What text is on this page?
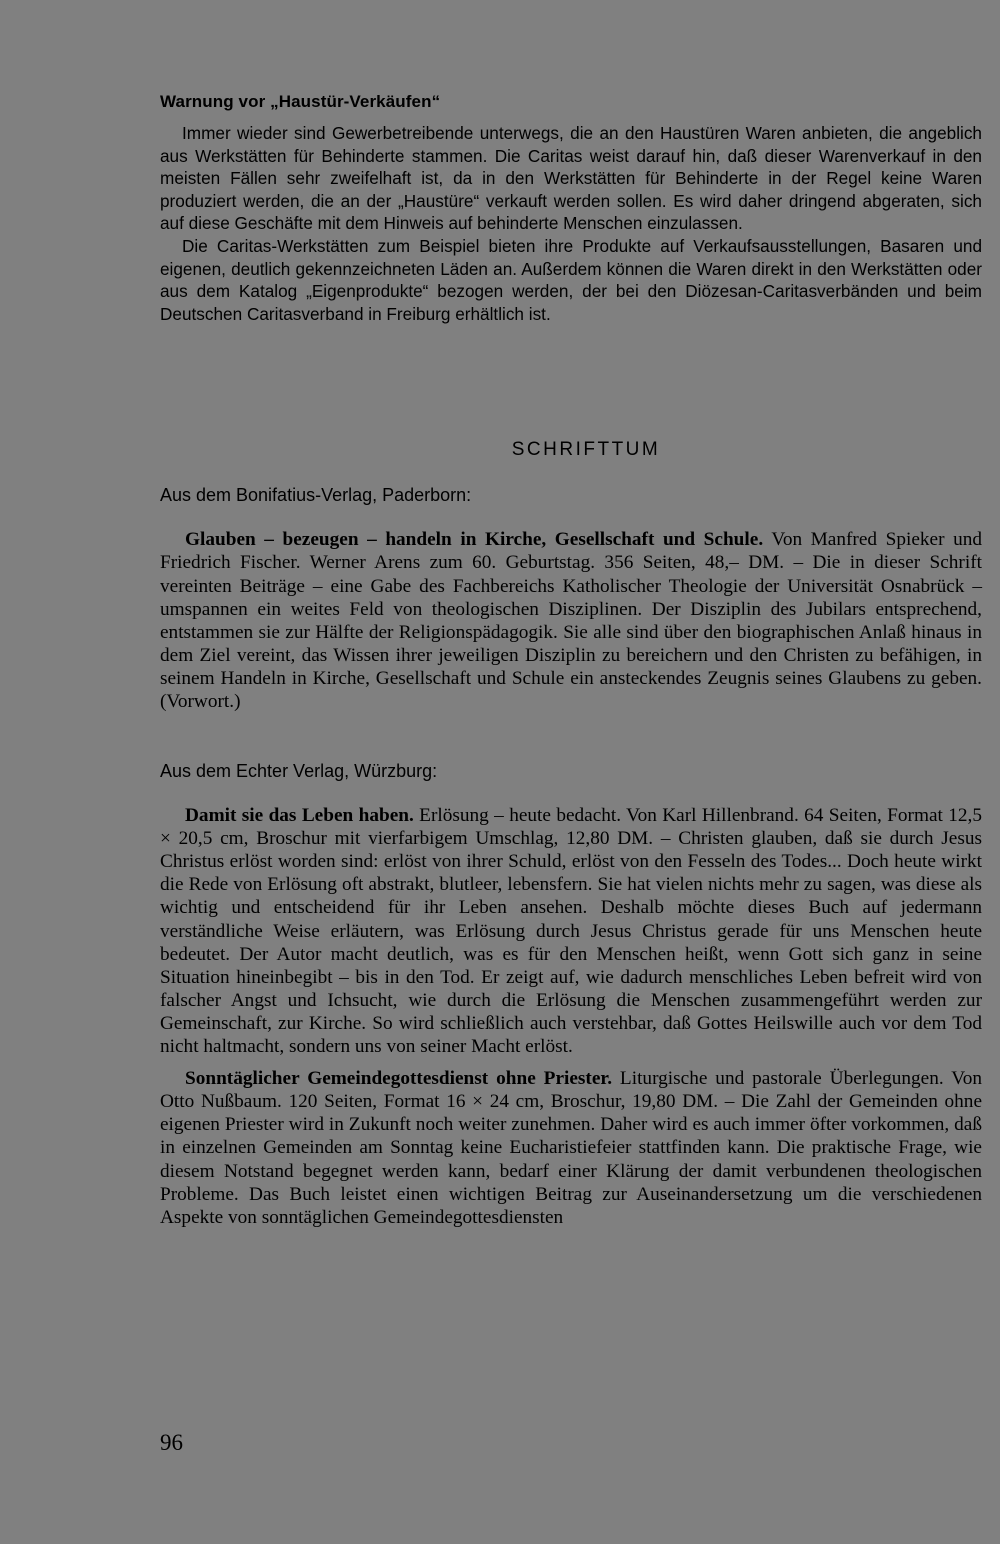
Warnung vor „Haustür-Verkäufen“

Immer wieder sind Gewerbetreibende unterwegs, die an den Haustüren Waren anbieten, die angeblich aus Werkstätten für Behinderte stammen. Die Caritas weist darauf hin, daß dieser Warenverkauf in den meisten Fällen sehr zweifelhaft ist, da in den Werkstätten für Behinderte in der Regel keine Waren produziert werden, die an der „Haustüre“ verkauft werden sollen. Es wird daher dringend abgeraten, sich auf diese Geschäfte mit dem Hinweis auf behinderte Menschen einzulassen.

Die Caritas-Werkstätten zum Beispiel bieten ihre Produkte auf Verkaufsausstellungen, Basaren und eigenen, deutlich gekennzeichneten Läden an. Außerdem können die Waren direkt in den Werkstätten oder aus dem Katalog „Eigenprodukte“ bezogen werden, der bei den Diözesan-Caritasverbänden und beim Deutschen Caritasverband in Freiburg erhältlich ist.

SCHRIFTTUM
Aus dem Bonifatius-Verlag, Paderborn:

Glauben – bezeugen – handeln in Kirche, Gesellschaft und Schule. Von Manfred Spieker und Friedrich Fischer. Werner Arens zum 60. Geburtstag. 356 Seiten, 48,– DM. – Die in dieser Schrift vereinten Beiträge – eine Gabe des Fachbereichs Katholischer Theologie der Universität Osnabrück – umspannen ein weites Feld von theologischen Disziplinen. Der Disziplin des Jubilars entsprechend, entstammen sie zur Hälfte der Religionspädagogik. Sie alle sind über den biographischen Anlaß hinaus in dem Ziel vereint, das Wissen ihrer jeweiligen Disziplin zu bereichern und den Christen zu befähigen, in seinem Handeln in Kirche, Gesellschaft und Schule ein ansteckendes Zeugnis seines Glaubens zu geben. (Vorwort.)

Aus dem Echter Verlag, Würzburg:

Damit sie das Leben haben. Erlösung – heute bedacht. Von Karl Hillenbrand. 64 Seiten, Format 12,5 × 20,5 cm, Broschur mit vierfarbigem Umschlag, 12,80 DM. – Christen glauben, daß sie durch Jesus Christus erlöst worden sind: erlöst von ihrer Schuld, erlöst von den Fesseln des Todes... Doch heute wirkt die Rede von Erlösung oft abstrakt, blutleer, lebensfern. Sie hat vielen nichts mehr zu sagen, was diese als wichtig und entscheidend für ihr Leben ansehen. Deshalb möchte dieses Buch auf jedermann verständliche Weise erläutern, was Erlösung durch Jesus Christus gerade für uns Menschen heute bedeutet. Der Autor macht deutlich, was es für den Menschen heißt, wenn Gott sich ganz in seine Situation hineinbegibt – bis in den Tod. Er zeigt auf, wie dadurch menschliches Leben befreit wird von falscher Angst und Ichsucht, wie durch die Erlösung die Menschen zusammengeführt werden zur Gemeinschaft, zur Kirche. So wird schließlich auch verstehbar, daß Gottes Heilswille auch vor dem Tod nicht haltmacht, sondern uns von seiner Macht erlöst.

Sonntäglicher Gemeindegottesdienst ohne Priester. Liturgische und pastorale Überlegungen. Von Otto Nußbaum. 120 Seiten, Format 16 × 24 cm, Broschur, 19,80 DM. – Die Zahl der Gemeinden ohne eigenen Priester wird in Zukunft noch weiter zunehmen. Daher wird es auch immer öfter vorkommen, daß in einzelnen Gemeinden am Sonntag keine Eucharistiefeier stattfinden kann. Die praktische Frage, wie diesem Notstand begegnet werden kann, bedarf einer Klärung der damit verbundenen theologischen Probleme. Das Buch leistet einen wichtigen Beitrag zur Auseinandersetzung um die verschiedenen Aspekte von sonntäglichen Gemeindegottesdiensten

96
